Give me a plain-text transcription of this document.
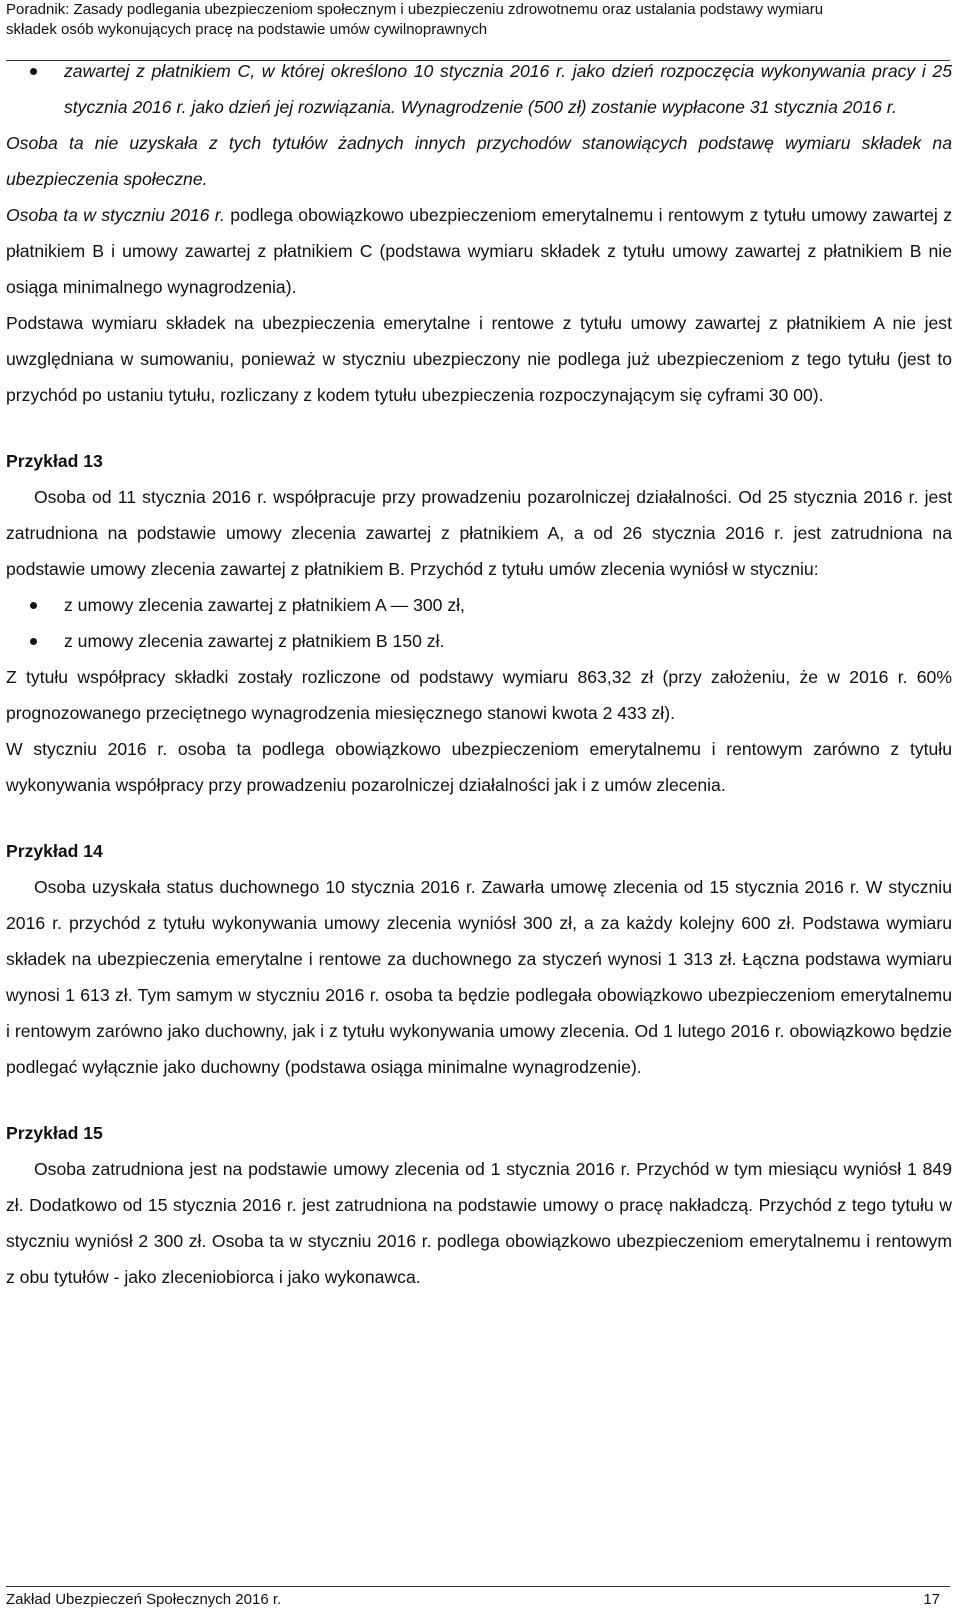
Poradnik: Zasady podlegania ubezpieczeniom społecznym i ubezpieczeniu zdrowotnemu oraz ustalania podstawy wymiaru
składek osób wykonujących pracę na podstawie umów cywilnoprawnych
zawartej z płatnikiem C, w której określono 10 stycznia 2016 r. jako dzień rozpoczęcia wykonywania pracy i 25 stycznia 2016 r. jako dzień jej rozwiązania. Wynagrodzenie (500 zł) zostanie wypłacone 31 stycznia 2016 r.

Osoba ta nie uzyskała z tych tytułów żadnych innych przychodów stanowiących podstawę wymiaru składek na ubezpieczenia społeczne.

Osoba ta w styczniu 2016 r. podlega obowiązkowo ubezpieczeniom emerytalnemu i rentowym z tytułu umowy zawartej z płatnikiem B i umowy zawartej z płatnikiem C (podstawa wymiaru składek z tytułu umowy zawartej z płatnikiem B nie osiąga minimalnego wynagrodzenia).

Podstawa wymiaru składek na ubezpieczenia emerytalne i rentowe z tytułu umowy zawartej z płatnikiem A nie jest uwzględniana w sumowaniu, ponieważ w styczniu ubezpieczony nie podlega już ubezpieczeniom z tego tytułu (jest to przychód po ustaniu tytułu, rozliczany z kodem tytułu ubezpieczenia rozpoczynającym się cyframi 30 00).

Przykład 13

Osoba od 11 stycznia 2016 r. współpracuje przy prowadzeniu pozarolniczej działalności. Od 25 stycznia 2016 r. jest zatrudniona na podstawie umowy zlecenia zawartej z płatnikiem A, a od 26 stycznia 2016 r. jest zatrudniona na podstawie umowy zlecenia zawartej z płatnikiem B. Przychód z tytułu umów zlecenia wyniósł w styczniu:

z umowy zlecenia zawartej z płatnikiem A — 300 zł,
z umowy zlecenia zawartej z płatnikiem B 150 zł.

Z tytułu współpracy składki zostały rozliczone od podstawy wymiaru 863,32 zł (przy założeniu, że w 2016 r. 60% prognozowanego przeciętnego wynagrodzenia miesięcznego stanowi kwota 2 433 zł).

W styczniu 2016 r. osoba ta podlega obowiązkowo ubezpieczeniom emerytalnemu i rentowym zarówno z tytułu wykonywania współpracy przy prowadzeniu pozarolniczej działalności jak i z umów zlecenia.

Przykład 14

Osoba uzyskała status duchownego 10 stycznia 2016 r. Zawarła umowę zlecenia od 15 stycznia 2016 r. W styczniu 2016 r. przychód z tytułu wykonywania umowy zlecenia wyniósł 300 zł, a za każdy kolejny 600 zł. Podstawa wymiaru składek na ubezpieczenia emerytalne i rentowe za duchownego za styczeń wynosi 1 313 zł. Łączna podstawa wymiaru wynosi 1 613 zł. Tym samym w styczniu 2016 r. osoba ta będzie podlegała obowiązkowo ubezpieczeniom emerytalnemu i rentowym zarówno jako duchowny, jak i z tytułu wykonywania umowy zlecenia. Od 1 lutego 2016 r. obowiązkowo będzie podlegać wyłącznie jako duchowny (podstawa osiąga minimalne wynagrodzenie).

Przykład 15

Osoba zatrudniona jest na podstawie umowy zlecenia od 1 stycznia 2016 r. Przychód w tym miesiącu wyniósł 1 849 zł. Dodatkowo od 15 stycznia 2016 r. jest zatrudniona na podstawie umowy o pracę nakładczą. Przychód z tego tytułu w styczniu wyniósł 2 300 zł. Osoba ta w styczniu 2016 r. podlega obowiązkowo ubezpieczeniom emerytalnemu i rentowym z obu tytułów - jako zleceniobiorca i jako wykonawca.

Zakład Ubezpieczeń Społecznych 2016 r.	17
